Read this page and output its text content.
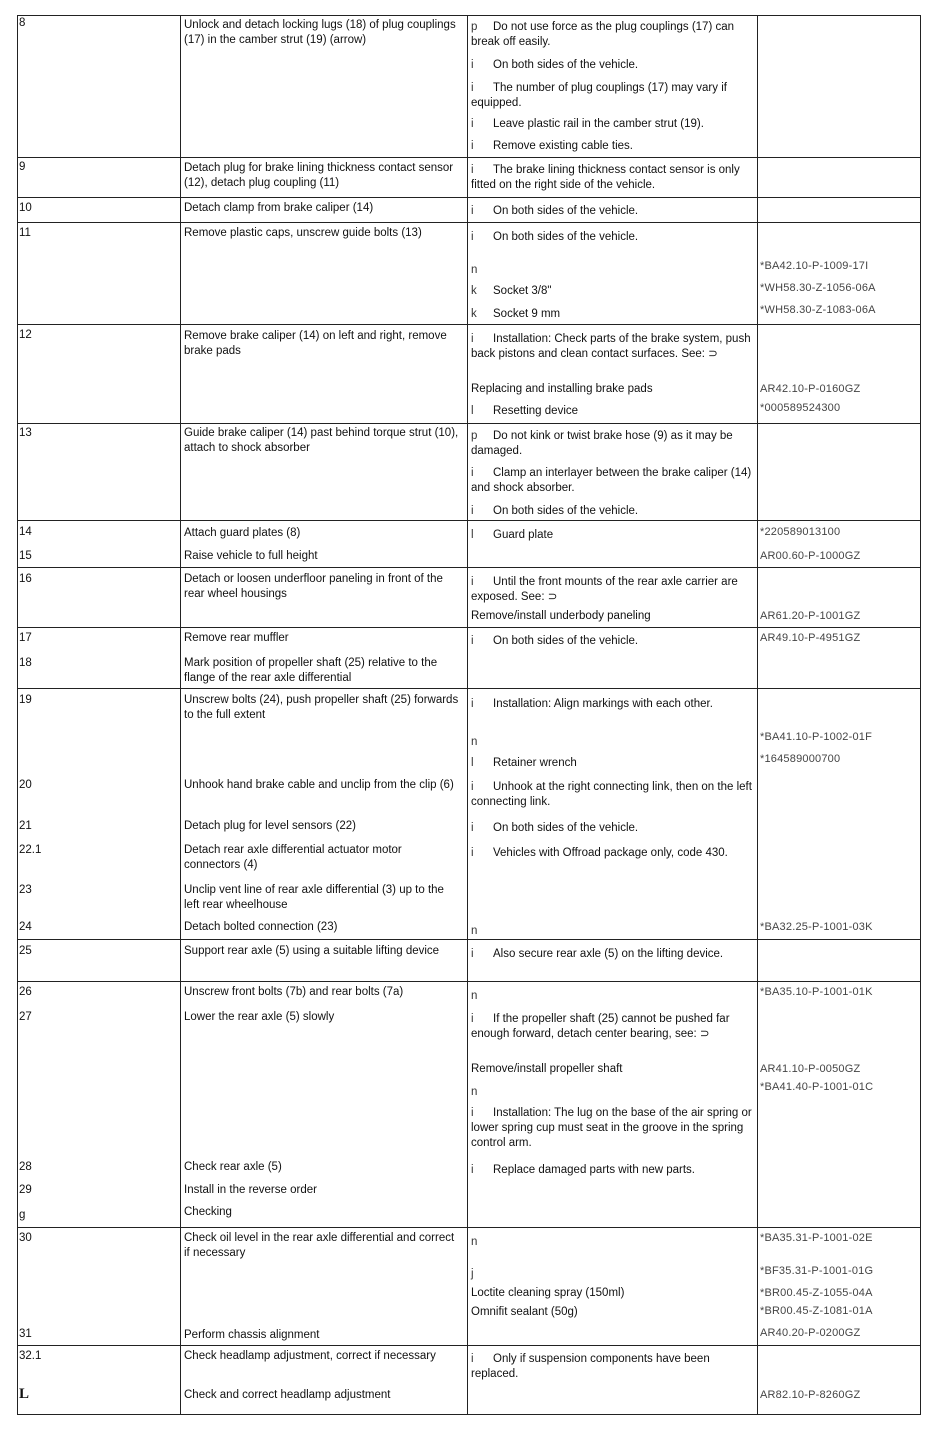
8	Unlock and detach locking lugs (18) of plug couplings (17) in the camber strut (19) (arrow)
p Do not use force as the plug couplings (17) can break off easily.
i On both sides of the vehicle.
i The number of plug couplings (17) may vary if equipped.
i Leave plastic rail in the camber strut (19).
i Remove existing cable ties.
9	Detach plug for brake lining thickness contact sensor (12), detach plug coupling (11)
i The brake lining thickness contact sensor is only fitted on the right side of the vehicle.
10	Detach clamp from brake caliper (14)	i On both sides of the vehicle.
11	Remove plastic caps, unscrew guide bolts (13)	i On both sides of the vehicle.
n	*BA42.10-P-1009-17I
k Socket 3/8"	*WH58.30-Z-1056-06A
k Socket 9 mm	*WH58.30-Z-1083-06A
12	Remove brake caliper (14) on left and right, remove brake pads
i Installation: Check parts of the brake system, push back pistons and clean contact surfaces. See: ⊃
Replacing and installing brake pads	AR42.10-P-0160GZ
l Resetting device	*000589524300
13	Guide brake caliper (14) past behind torque strut (10), attach to shock absorber
p Do not kink or twist brake hose (9) as it may be damaged.
i Clamp an interlayer between the brake caliper (14) and shock absorber.
i On both sides of the vehicle.
14	Attach guard plates (8)	l Guard plate	*220589013100
15	Raise vehicle to full height	AR00.60-P-1000GZ
16	Detach or loosen underfloor paneling in front of the rear wheel housings
i Until the front mounts of the rear axle carrier are exposed. See: ⊃
Remove/install underbody paneling	AR61.20-P-1001GZ
17	Remove rear muffler	i On both sides of the vehicle.	AR49.10-P-4951GZ
18	Mark position of propeller shaft (25) relative to the flange of the rear axle differential
19	Unscrew bolts (24), push propeller shaft (25) forwards to the full extent
i Installation: Align markings with each other.
n	*BA41.10-P-1002-01F
l Retainer wrench	*164589000700
20	Unhook hand brake cable and unclip from the clip (6)	i Unhook at the right connecting link, then on the left connecting link.
21	Detach plug for level sensors (22)	i On both sides of the vehicle.
22.1	Detach rear axle differential actuator motor connectors (4)
i Vehicles with Offroad package only, code 430.
23	Unclip vent line of rear axle differential (3) up to the left rear wheelhouse
24	Detach bolted connection (23)	n	*BA32.25-P-1001-03K
25	Support rear axle (5) using a suitable lifting device	i Also secure rear axle (5) on the lifting device.
26	Unscrew front bolts (7b) and rear bolts (7a)	n	*BA35.10-P-1001-01K
27	Lower the rear axle (5) slowly	i If the propeller shaft (25) cannot be pushed far enough forward, detach center bearing, see: ⊃
Remove/install propeller shaft	AR41.10-P-0050GZ
n	*BA41.40-P-1001-01C
i Installation: The lug on the base of the air spring or lower spring cup must seat in the groove in the spring control arm.
28	Check rear axle (5)	i Replace damaged parts with new parts.
29	Install in the reverse order
g	Checking
30	Check oil level in the rear axle differential and correct if necessary
n	*BA35.31-P-1001-02E
j	*BF35.31-P-1001-01G
Loctite cleaning spray (150ml)	*BR00.45-Z-1055-04A
Omnifit sealant (50g)	*BR00.45-Z-1081-01A
31	Perform chassis alignment	AR40.20-P-0200GZ
32.1	Check headlamp adjustment, correct if necessary	i Only if suspension components have been replaced.
L	Check and correct headlamp adjustment	AR82.10-P-8260GZ
